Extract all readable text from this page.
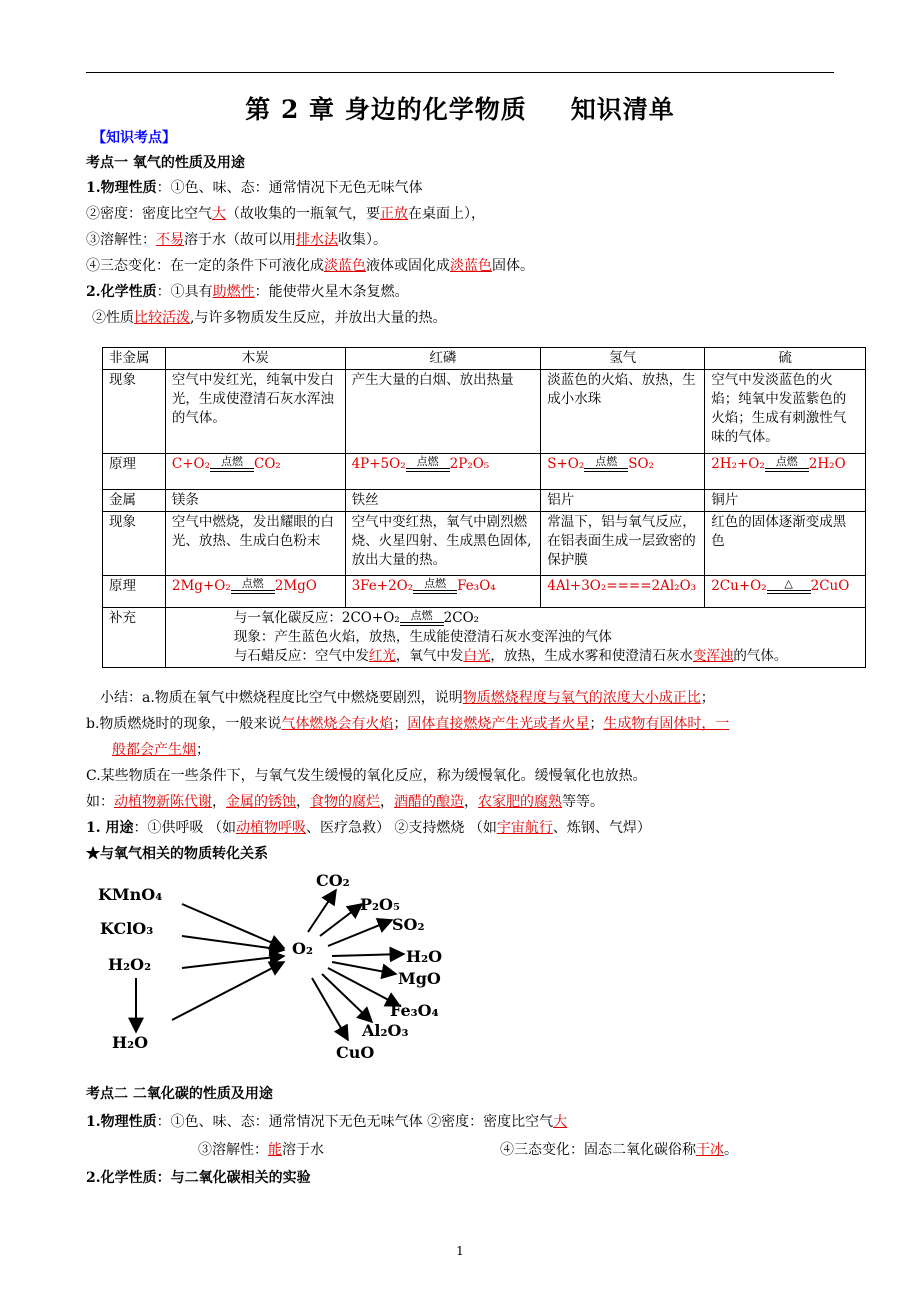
第 2 章 身边的化学物质 知识清单
【知识考点】
考点一 氧气的性质及用途
1.物理性质：①色、味、态：通常情况下无色无味气体
②密度：密度比空气大（故收集的一瓶氧气，要正放在桌面上），
③溶解性：不易溶于水（故可以用排水法收集）。
④三态变化：在一定的条件下可液化成淡蓝色液体或固化成淡蓝色固体。
2.化学性质：①具有助燃性：能使带火星木条复燃。
②性质比较活泼,与许多物质发生反应，并放出大量的热。
非金属	木炭	红磷	氢气	硫
现象	空气中发红光，纯氧中发白光，生成使澄清石灰水浑浊的气体。	产生大量的白烟、放出热量	淡蓝色的火焰、放热，生成小水珠	空气中发淡蓝色的火焰；纯氧中发蓝紫色的火焰；生成有刺激性气味的气体。
原理	C+O₂ 点燃 CO₂	4P+5O₂ 点燃 2P₂O₅	S+O₂ 点燃 SO₂	2H₂+O₂ 点燃 2H₂O
金属	镁条	铁丝	铝片	铜片
现象	空气中燃烧，发出耀眼的白光、放热、生成白色粉末	空气中变红热，氧气中剧烈燃烧、火星四射、生成黑色固体,放出大量的热。	常温下，铝与氧气反应，在铝表面生成一层致密的保护膜	红色的固体逐渐变成黑色
原理	2Mg+O₂ 点燃 2MgO	3Fe+2O₂ 点燃 Fe₃O₄	4Al+3O₂====2Al₂O₃	2Cu+O₂ △ 2CuO
补充	与一氧化碳反应：2CO+O₂ 点燃 2CO₂
现象：产生蓝色火焰，放热，生成能使澄清石灰水变浑浊的气体
与石蜡反应：空气中发红光，氧气中发白光，放热，生成水雾和使澄清石灰水变浑浊的气体。			
小结：a.物质在氧气中燃烧程度比空气中燃烧要剧烈，说明物质燃烧程度与氧气的浓度大小成正比；
b.物质燃烧时的现象，一般来说气体燃烧会有火焰；固体直接燃烧产生光或者火星；生成物有固体时，一
般都会产生烟；
C.某些物质在一些条件下，与氧气发生缓慢的氧化反应，称为缓慢氧化。缓慢氧化也放热。
如：动植物新陈代谢，金属的锈蚀，食物的腐烂，酒醋的酿造，农家肥的腐熟等等。
1. 用途：①供呼吸 （如动植物呼吸、医疗急救） ②支持燃烧 （如宇宙航行、炼钢、气焊）
★与氧气相关的物质转化关系
KMnO₄
KClO₃
H₂O₂
H₂O
O₂
CO₂
P₂O₅
SO₂
H₂O
MgO
Fe₃O₄
Al₂O₃
CuO
考点二 二氧化碳的性质及用途
1.物理性质：①色、味、态：通常情况下无色无味气体 ②密度：密度比空气大
③溶解性：能溶于水	④三态变化：固态二氧化碳俗称干冰。
2.化学性质：与二氧化碳相关的实验
1
